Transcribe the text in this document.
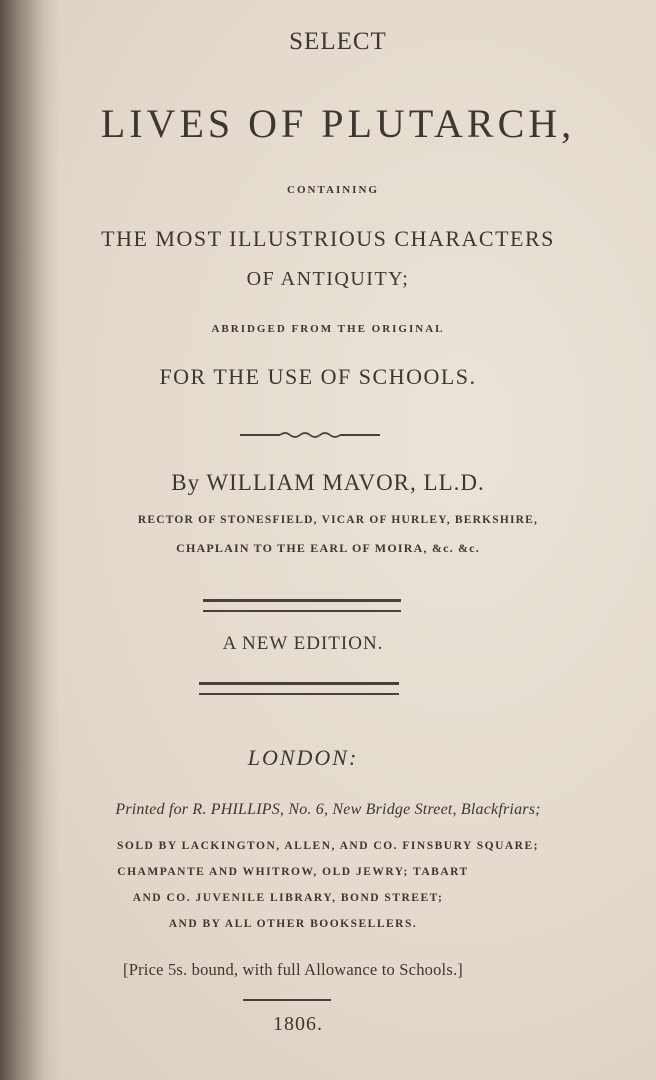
SELECT
LIVES OF PLUTARCH,
CONTAINING
THE MOST ILLUSTRIOUS CHARACTERS
OF ANTIQUITY;
ABRIDGED FROM THE ORIGINAL
FOR THE USE OF SCHOOLS.
By WILLIAM MAVOR, LL.D.
RECTOR OF STONESFIELD, VICAR OF HURLEY, BERKSHIRE,
CHAPLAIN TO THE EARL OF MOIRA, &c. &c.
A NEW EDITION.
LONDON:
Printed for R. PHILLIPS, No. 6, New Bridge Street, Blackfriars;
SOLD BY LACKINGTON, ALLEN, AND CO. FINSBURY SQUARE;
CHAMPANTE AND WHITROW, OLD JEWRY; TABART
AND CO. JUVENILE LIBRARY, BOND STREET;
AND BY ALL OTHER BOOKSELLERS.
[Price 5s. bound, with full Allowance to Schools.]
1806.
